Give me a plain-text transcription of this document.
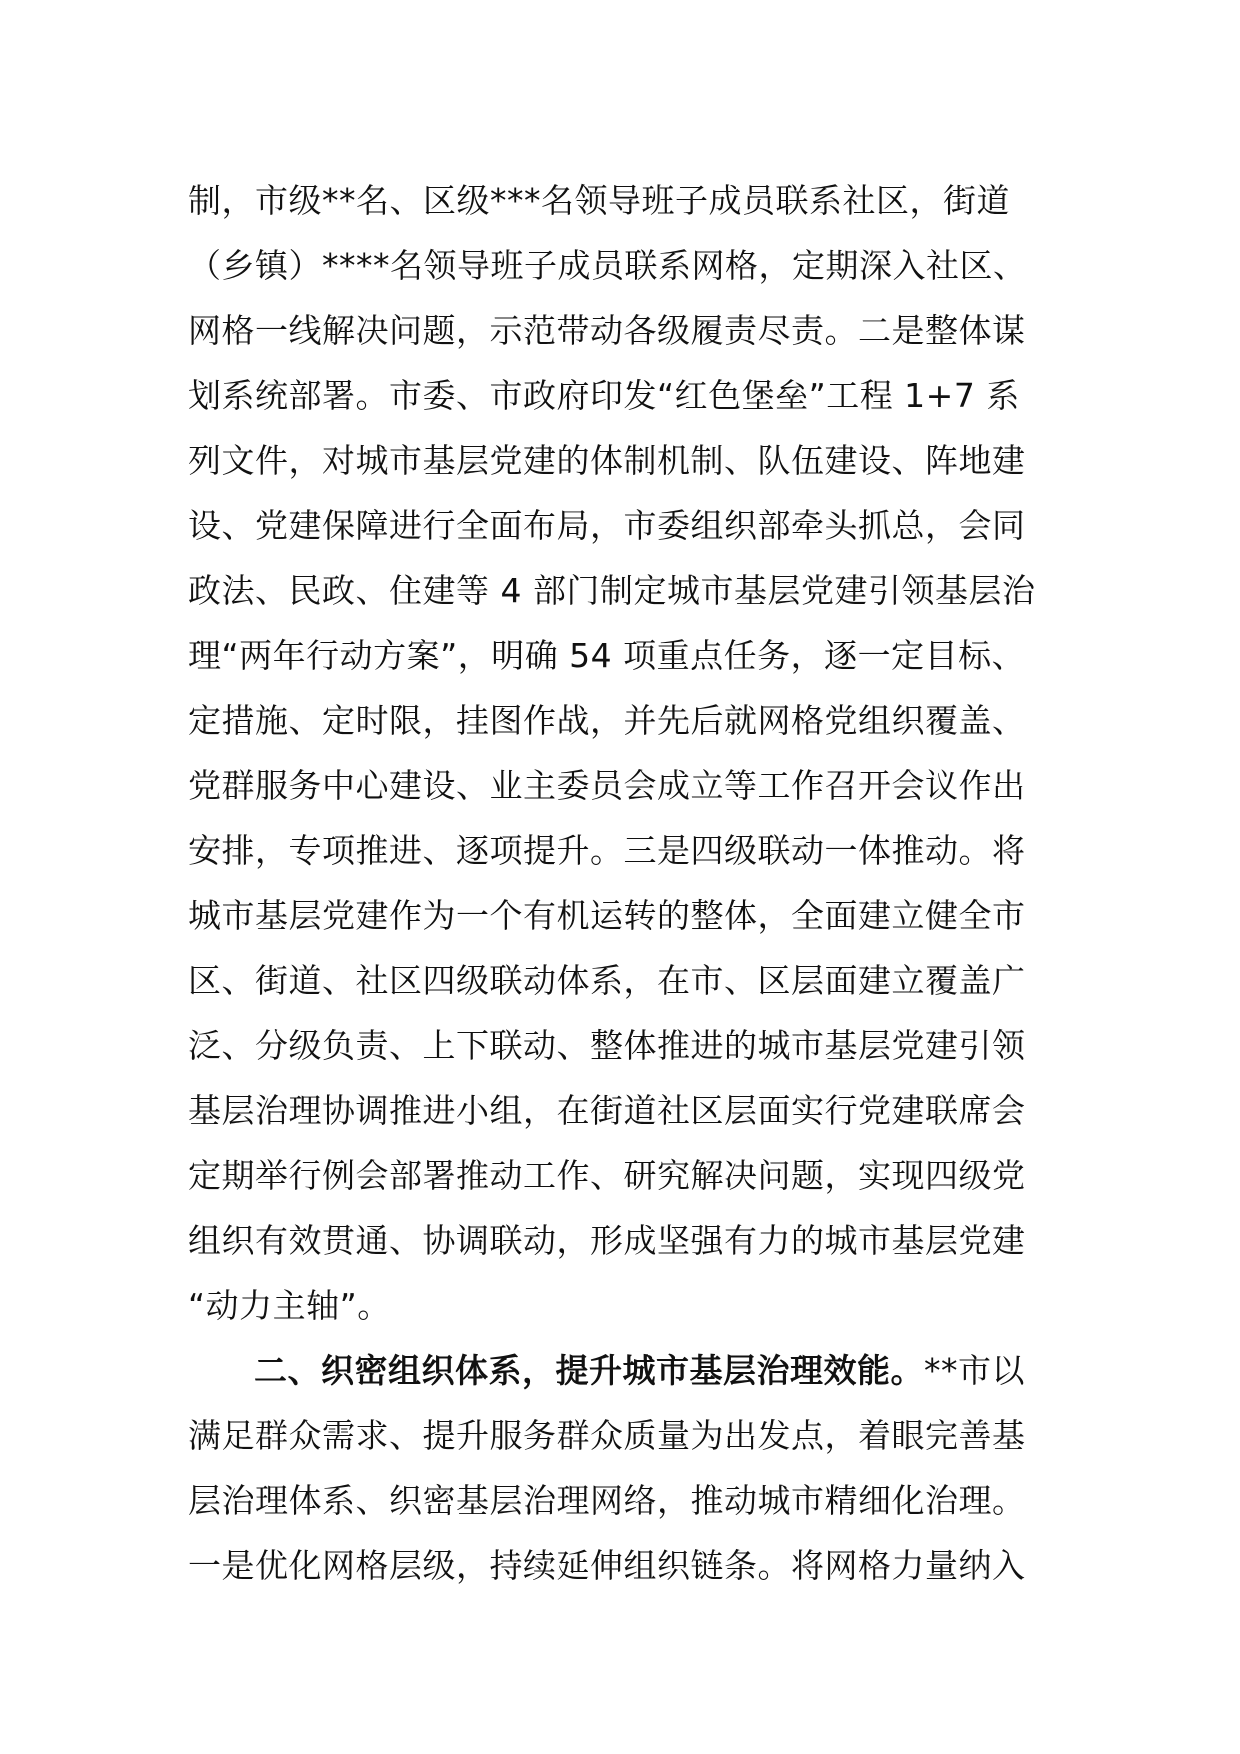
制，市级**名、区级***名领导班子成员联系社区，街道
（乡镇）****名领导班子成员联系网格，定期深入社区、
网格一线解决问题，示范带动各级履责尽责。二是整体谋
划系统部署。市委、市政府印发“红色堡垒”工程 1+7 系
列文件，对城市基层党建的体制机制、队伍建设、阵地建
设、党建保障进行全面布局，市委组织部牵头抓总，会同
政法、民政、住建等 4 部门制定城市基层党建引领基层治
理“两年行动方案”，明确 54 项重点任务，逐一定目标、
定措施、定时限，挂图作战，并先后就网格党组织覆盖、
党群服务中心建设、业主委员会成立等工作召开会议作出
安排，专项推进、逐项提升。三是四级联动一体推动。将
城市基层党建作为一个有机运转的整体，全面建立健全市
区、街道、社区四级联动体系，在市、区层面建立覆盖广
泛、分级负责、上下联动、整体推进的城市基层党建引领
基层治理协调推进小组，在街道社区层面实行党建联席会
定期举行例会部署推动工作、研究解决问题，实现四级党
组织有效贯通、协调联动，形成坚强有力的城市基层党建
“动力主轴”。
二、织密组织体系，提升城市基层治理效能。**市以
满足群众需求、提升服务群众质量为出发点，着眼完善基
层治理体系、织密基层治理网络，推动城市精细化治理。
一是优化网格层级，持续延伸组织链条。将网格力量纳入
